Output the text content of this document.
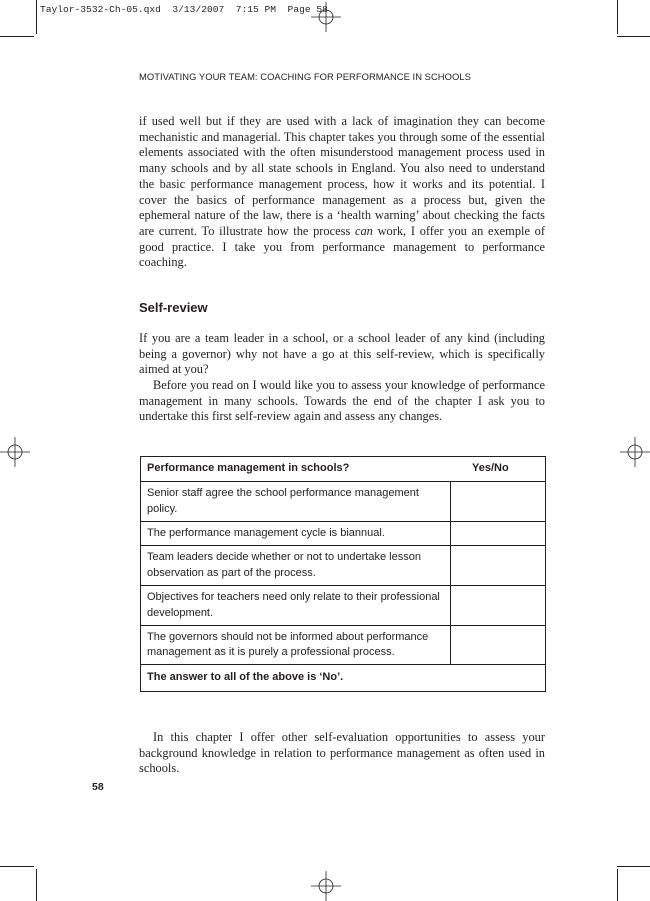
Taylor-3532-Ch-05.qxd  3/13/2007  7:15 PM  Page 58
MOTIVATING YOUR TEAM: COACHING FOR PERFORMANCE IN SCHOOLS

if used well but if they are used with a lack of imagination they can become mechanistic and managerial. This chapter takes you through some of the essential elements associated with the often misunderstood management process used in many schools and by all state schools in England. You also need to understand the basic performance management process, how it works and its potential. I cover the basics of performance management as a process but, given the ephemeral nature of the law, there is a ‘health warning’ about checking the facts are current. To illustrate how the process can work, I offer you an exemple of good practice. I take you from performance management to performance coaching.

Self-review

If you are a team leader in a school, or a school leader of any kind (including being a governor) why not have a go at this self-review, which is specifically aimed at you?

Before you read on I would like you to assess your knowledge of performance management in many schools. Towards the end of the chapter I ask you to undertake this first self-review again and assess any changes.

Performance management in schools?	Yes/No
Senior staff agree the school performance management policy.	
The performance management cycle is biannual.	
Team leaders decide whether or not to undertake lesson observation as part of the process.	
Objectives for teachers need only relate to their professional development.	
The governors should not be informed about performance management as it is purely a professional process.	
The answer to all of the above is ‘No’.	

In this chapter I offer other self-evaluation opportunities to assess your background knowledge in relation to performance management as often used in schools.

58
